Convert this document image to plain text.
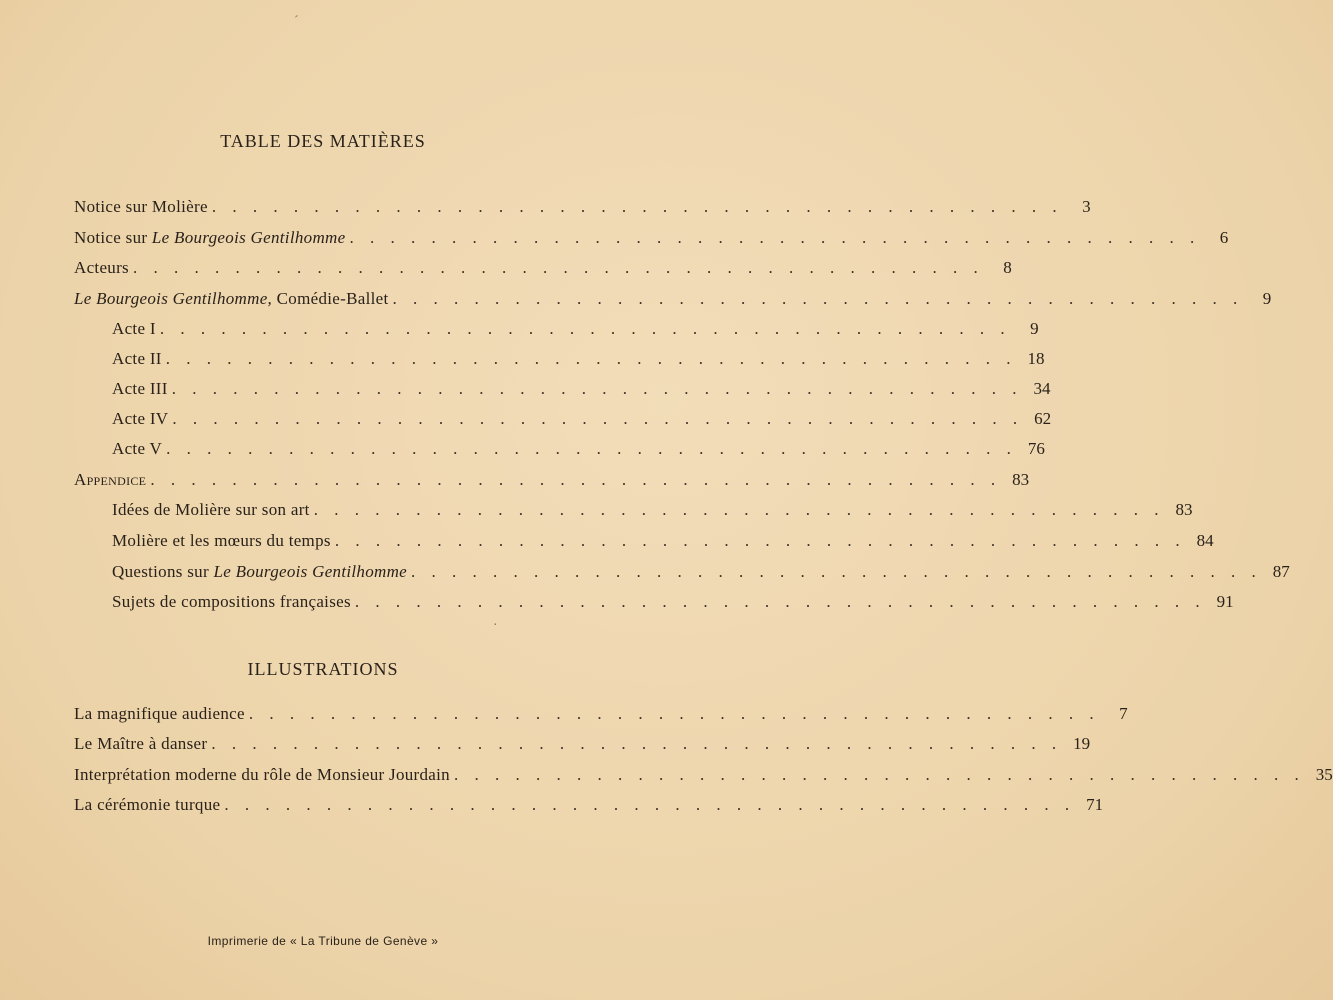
TABLE DES MATIÈRES
Notice sur Molière . . . . . . . . . . . . . . . . . . . . . . . . . . . . . . . . . . . . . . . . . .	3
Notice sur Le Bourgeois Gentilhomme . . . . . . . . . . . . . . . . . . . . . . . . . . . . . . . . . . . . . . . . . .	6
Acteurs . . . . . . . . . . . . . . . . . . . . . . . . . . . . . . . . . . . . . . . . . .	8
Le Bourgeois Gentilhomme, Comédie-Ballet . . . . . . . . . . . . . . . . . . . . . . . . . . . . . . . . . . . . . . . . . .	9
Acte I . . . . . . . . . . . . . . . . . . . . . . . . . . . . . . . . . . . . . . . . . .	9
Acte II . . . . . . . . . . . . . . . . . . . . . . . . . . . . . . . . . . . . . . . . . . 18
Acte III . . . . . . . . . . . . . . . . . . . . . . . . . . . . . . . . . . . . . . . . . . 34
Acte IV . . . . . . . . . . . . . . . . . . . . . . . . . . . . . . . . . . . . . . . . . . 62
Acte V . . . . . . . . . . . . . . . . . . . . . . . . . . . . . . . . . . . . . . . . . . 76
Appendice . . . . . . . . . . . . . . . . . . . . . . . . . . . . . . . . . . . . . . . . . . 83
Idées de Molière sur son art . . . . . . . . . . . . . . . . . . . . . . . . . . . . . . . . . . . . . . . . . . 83
Molière et les mœurs du temps . . . . . . . . . . . . . . . . . . . . . . . . . . . . . . . . . . . . . . . . . . 84
Questions sur Le Bourgeois Gentilhomme . . . . . . . . . . . . . . . . . . . . . . . . . . . . . . . . . . . . . . . . . . 87
Sujets de compositions françaises . . . . . . . . . . . . . . . . . . . . . . . . . . . . . . . . . . . . . . . . . . 91
ILLUSTRATIONS
La magnifique audience . . . . . . . . . . . . . . . . . . . . . . . . . . . . . . . . . . . . . . . . . .	7
Le Maître à danser . . . . . . . . . . . . . . . . . . . . . . . . . . . . . . . . . . . . . . . . . . 19
Interprétation moderne du rôle de Monsieur Jourdain . . . . . . . . . . . . . . . . . . . . . . . . . . . . . . . . . . . . . . . . . . 35
La cérémonie turque . . . . . . . . . . . . . . . . . . . . . . . . . . . . . . . . . . . . . . . . . . 71
Imprimerie de « La Tribune de Genève »
ˊ
·
